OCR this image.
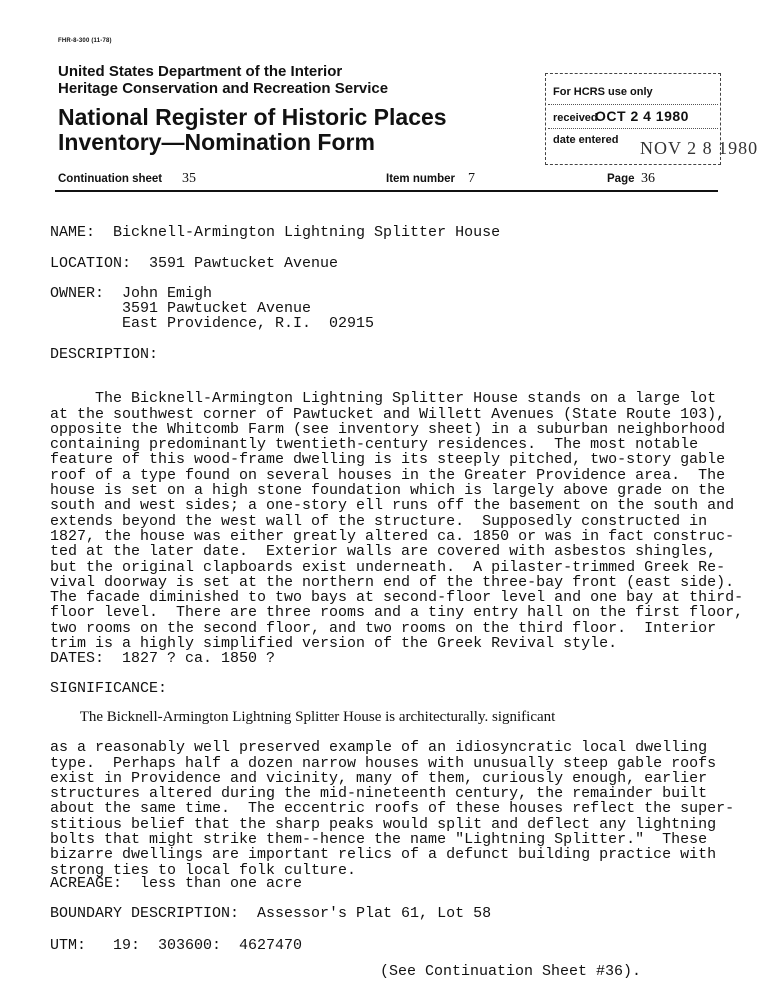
FHR-8-300 (11-78)
United States Department of the Interior
Heritage Conservation and Recreation Service
National Register of Historic Places
Inventory—Nomination Form
For HCRS use only
received
OCT 2 4 1980
date entered NOV 2 8 1980
Continuation sheet 35	Item number 7	Page 36
NAME:  Bicknell-Armington Lightning Splitter House
LOCATION:  3591 Pawtucket Avenue
OWNER:  John Emigh
3591 Pawtucket Avenue
East Providence, R.I.  02915
DESCRIPTION:

The Bicknell-Armington Lightning Splitter House stands on a large lot
at the southwest corner of Pawtucket and Willett Avenues (State Route 103),
opposite the Whitcomb Farm (see inventory sheet) in a suburban neighborhood
containing predominantly twentieth-century residences.  The most notable
feature of this wood-frame dwelling is its steeply pitched, two-story gable
roof of a type found on several houses in the Greater Providence area.  The
house is set on a high stone foundation which is largely above grade on the
south and west sides; a one-story ell runs off the basement on the south and
extends beyond the west wall of the structure.  Supposedly constructed in
1827, the house was either greatly altered ca. 1850 or was in fact construc-
ted at the later date.  Exterior walls are covered with asbestos shingles,
but the original clapboards exist underneath.  A pilaster-trimmed Greek Re-
vival doorway is set at the northern end of the three-bay front (east side).
The facade diminished to two bays at second-floor level and one bay at third-
floor level.  There are three rooms and a tiny entry hall on the first floor,
two rooms on the second floor, and two rooms on the third floor.  Interior
trim is a highly simplified version of the Greek Revival style.

DATES:  1827 ? ca. 1850 ?
SIGNIFICANCE:
The Bicknell-Armington Lightning Splitter House is architecturally. significant

as a reasonably well preserved example of an idiosyncratic local dwelling
type.  Perhaps half a dozen narrow houses with unusually steep gable roofs
exist in Providence and vicinity, many of them, curiously enough, earlier
structures altered during the mid-nineteenth century, the remainder built
about the same time.  The eccentric roofs of these houses reflect the super-
stitious belief that the sharp peaks would split and deflect any lightning
bolts that might strike them--hence the name "Lightning Splitter."  These
bizarre dwellings are important relics of a defunct building practice with
strong ties to local folk culture.

ACREAGE:  less than one acre
BOUNDARY DESCRIPTION:  Assessor's Plat 61, Lot 58
UTM:   19:  303600:  4627470
(See Continuation Sheet #36).
